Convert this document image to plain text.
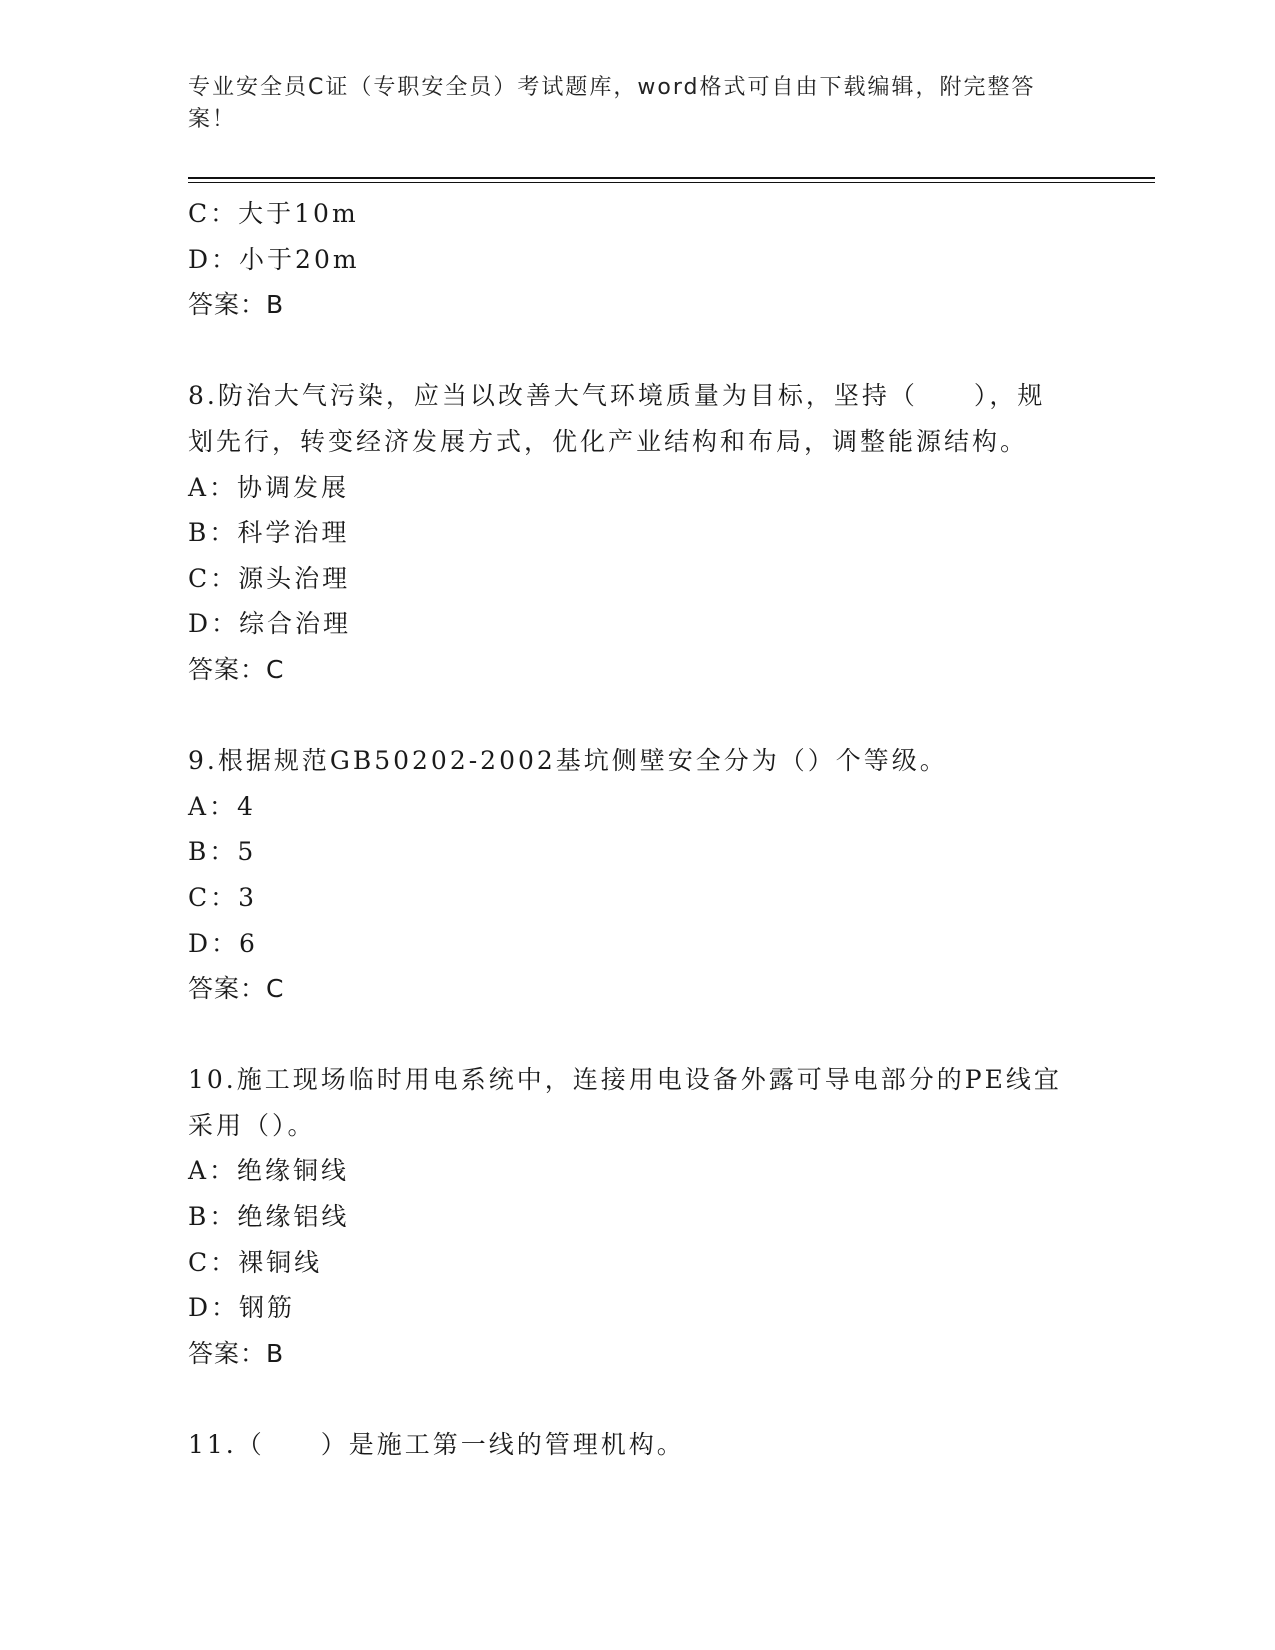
专业安全员C证（专职安全员）考试题库，word格式可自由下载编辑，附完整答案！
C：大于10m
D：小于20m
答案：B
8.防治大气污染，应当以改善大气环境质量为目标，坚持（　　），规划先行，转变经济发展方式，优化产业结构和布局，调整能源结构。
A：协调发展
B：科学治理
C：源头治理
D：综合治理
答案：C
9.根据规范GB50202-2002基坑侧壁安全分为（）个等级。
A：4
B：5
C：3
D：6
答案：C
10.施工现场临时用电系统中，连接用电设备外露可导电部分的PE线宜采用（）。
A：绝缘铜线
B：绝缘铝线
C：裸铜线
D：钢筋
答案：B
11.（　　）是施工第一线的管理机构。
